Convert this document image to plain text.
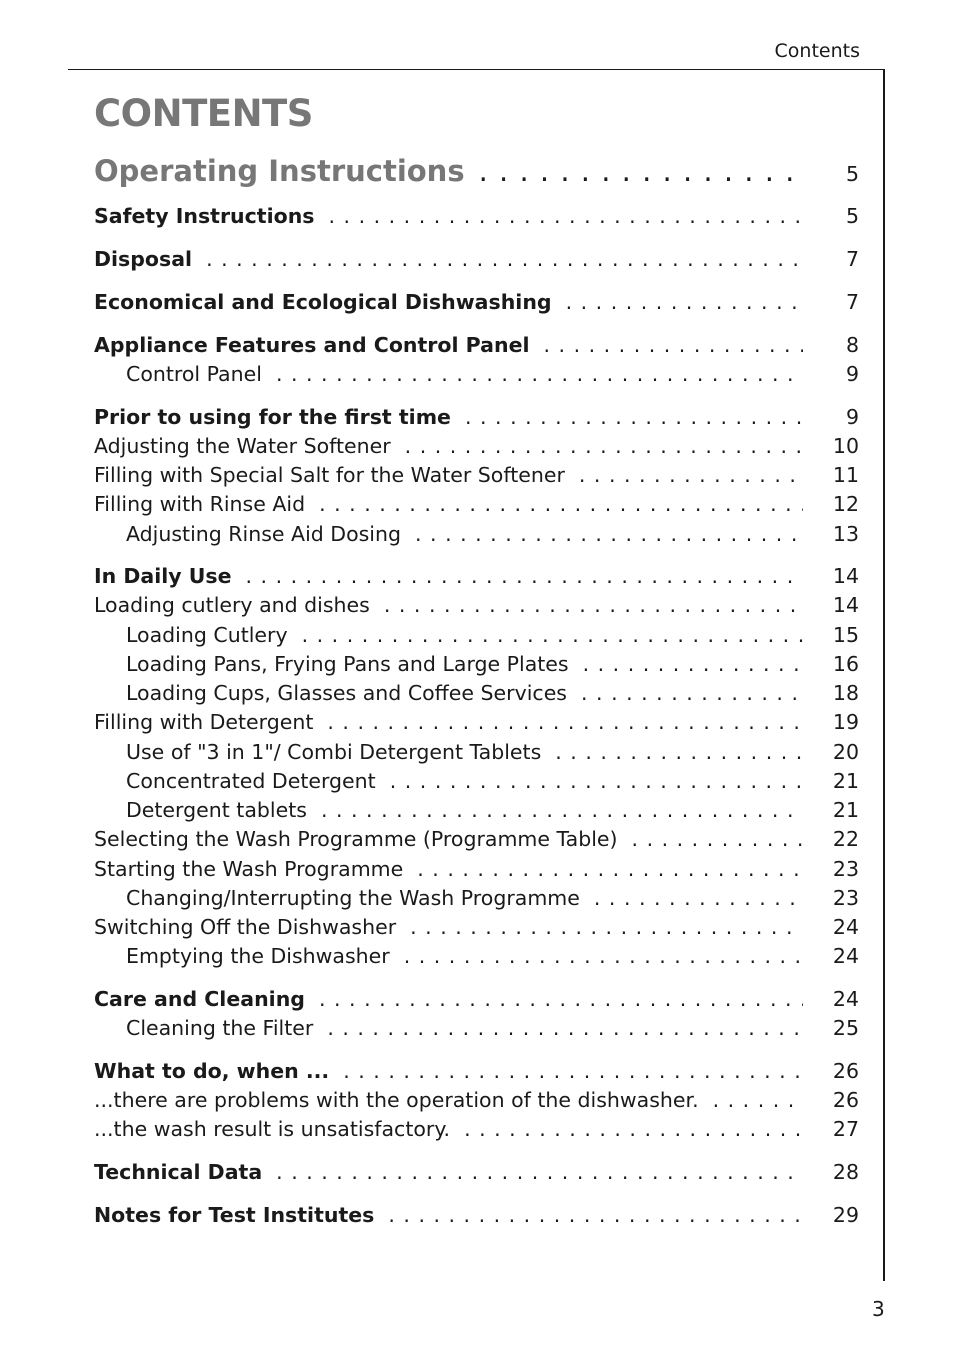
Contents
CONTENTS
Operating Instructions . . .	5
Safety Instructions . . .	5
Disposal . . .	7
Economical and Ecological Dishwashing . . .	7
Appliance Features and Control Panel . . .	8
Control Panel . . .	9
Prior to using for the first time . . .	9
Adjusting the Water Softener . . .	10
Filling with Special Salt for the Water Softener . . .	11
Filling with Rinse Aid . . .	12
Adjusting Rinse Aid Dosing . . .	13
In Daily Use . . .	14
Loading cutlery and dishes . . .	14
Loading Cutlery . . .	15
Loading Pans, Frying Pans and Large Plates . . .	16
Loading Cups, Glasses and Coffee Services . . .	18
Filling with Detergent . . .	19
Use of "3 in 1"/ Combi Detergent Tablets . . .	20
Concentrated Detergent . . .	21
Detergent tablets . . .	21
Selecting the Wash Programme (Programme Table) . . .	22
Starting the Wash Programme . . .	23
Changing/Interrupting the Wash Programme . . .	23
Switching Off the Dishwasher . . .	24
Emptying the Dishwasher . . .	24
Care and Cleaning . . .	24
Cleaning the Filter . . .	25
What to do, when ... . . .	26
...there are problems with the operation of the dishwasher. . . .	26
...the wash result is unsatisfactory. . . .	27
Technical Data . . .	28
Notes for Test Institutes . . .	29
3
